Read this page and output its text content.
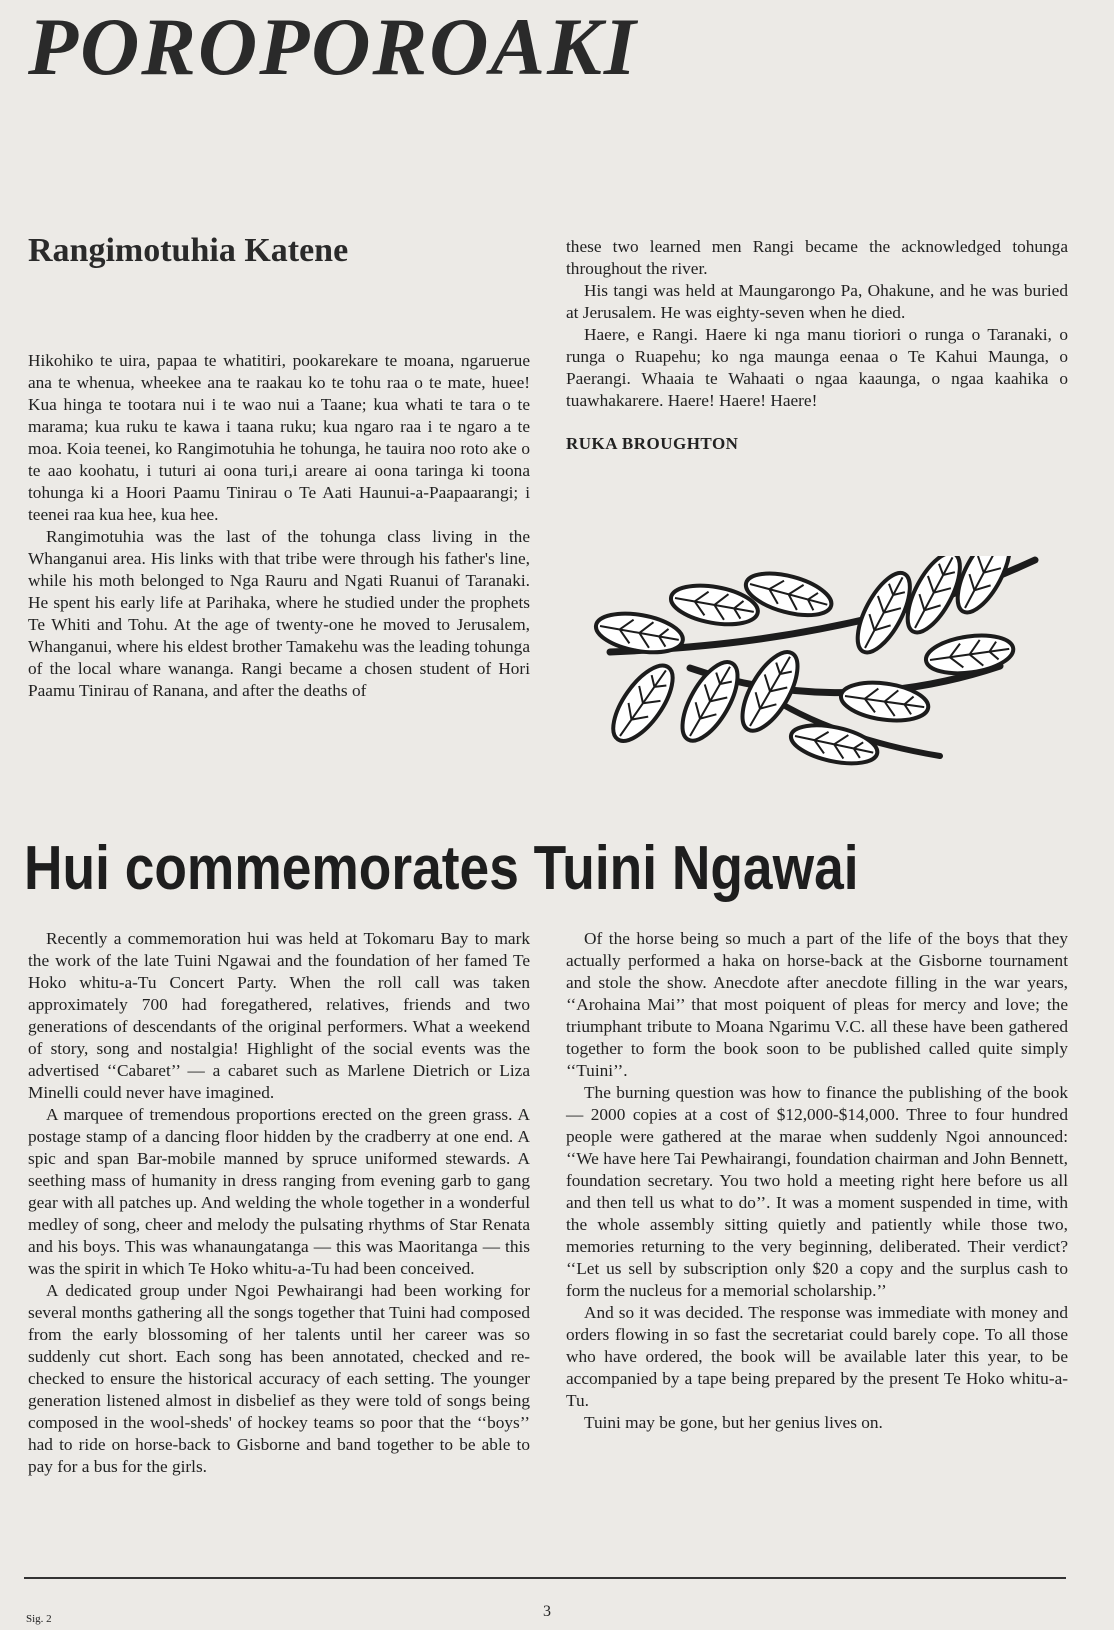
POROPOROAKI
Rangimotuhia Katene

Hikohiko te uira, papaa te whatitiri, pookarekare te moana, ngaruerue ana te whenua, wheekee ana te raakau ko te tohu raa o te mate, huee! Kua hinga te tootara nui i te wao nui a Taane; kua whati te tara o te marama; kua ruku te kawa i taana ruku; kua ngaro raa i te ngaro a te moa. Koia teenei, ko Rangimotuhia he tohunga, he tauira noo roto ake o te aao koohatu, i tuturi ai oona turi,i areare ai oona taringa ki toona tohunga ki a Hoori Paamu Tinirau o Te Aati Haunui-a-Paapaarangi; i teenei raa kua hee, kua hee.

Rangimotuhia was the last of the tohunga class living in the Whanganui area. His links with that tribe were through his father's line, while his moth belonged to Nga Rauru and Ngati Ruanui of Taranaki. He spent his early life at Parihaka, where he studied under the prophets Te Whiti and Tohu. At the age of twenty-one he moved to Jerusalem, Whanganui, where his eldest brother Tamakehu was the leading tohunga of the local whare wananga. Rangi became a chosen student of Hori Paamu Tinirau of Ranana, and after the deaths of

these two learned men Rangi became the acknowledged tohunga throughout the river.

His tangi was held at Maungarongo Pa, Ohakune, and he was buried at Jerusalem. He was eighty-seven when he died.

Haere, e Rangi. Haere ki nga manu tioriori o runga o Taranaki, o runga o Ruapehu; ko nga maunga eenaa o Te Kahui Maunga, o Paerangi. Whaaia te Wahaati o ngaa kaaunga, o ngaa kaahika o tuawhakarere. Haere! Haere! Haere!

RUKA BROUGHTON

Hui commemorates Tuini Ngawai

Recently a commemoration hui was held at Tokomaru Bay to mark the work of the late Tuini Ngawai and the foundation of her famed Te Hoko whitu-a-Tu Concert Party. When the roll call was taken approximately 700 had foregathered, relatives, friends and two generations of descendants of the original performers. What a weekend of story, song and nostalgia! Highlight of the social events was the advertised ‘‘Cabaret’’ — a cabaret such as Marlene Dietrich or Liza Minelli could never have imagined.

A marquee of tremendous proportions erected on the green grass. A postage stamp of a dancing floor hidden by the cradberry at one end. A spic and span Bar-mobile manned by spruce uniformed stewards. A seething mass of humanity in dress ranging from evening garb to gang gear with all patches up. And welding the whole together in a wonderful medley of song, cheer and melody the pulsating rhythms of Star Renata and his boys. This was whanaungatanga — this was Maoritanga — this was the spirit in which Te Hoko whitu-a-Tu had been conceived.

A dedicated group under Ngoi Pewhairangi had been working for several months gathering all the songs together that Tuini had composed from the early blossoming of her talents until her career was so suddenly cut short. Each song has been annotated, checked and re-checked to ensure the historical accuracy of each setting. The younger generation listened almost in disbelief as they were told of songs being composed in the wool-sheds' of hockey teams so poor that the ‘‘boys’’ had to ride on horse-back to Gisborne and band together to be able to pay for a bus for the girls.

Of the horse being so much a part of the life of the boys that they actually performed a haka on horse-back at the Gisborne tournament and stole the show. Anecdote after anecdote filling in the war years, ‘‘Arohaina Mai’’ that most poiquent of pleas for mercy and love; the triumphant tribute to Moana Ngarimu V.C. all these have been gathered together to form the book soon to be published called quite simply ‘‘Tuini’’.

The burning question was how to finance the publishing of the book — 2000 copies at a cost of $12,000-$14,000. Three to four hundred people were gathered at the marae when suddenly Ngoi announced: ‘‘We have here Tai Pewhairangi, foundation chairman and John Bennett, foundation secretary. You two hold a meeting right here before us all and then tell us what to do’’. It was a moment suspended in time, with the whole assembly sitting quietly and patiently while those two, memories returning to the very beginning, deliberated. Their verdict? ‘‘Let us sell by subscription only $20 a copy and the surplus cash to form the nucleus for a memorial scholarship.’’

And so it was decided. The response was immediate with money and orders flowing in so fast the secretariat could barely cope. To all those who have ordered, the book will be available later this year, to be accompanied by a tape being prepared by the present Te Hoko whitu-a-Tu.

Tuini may be gone, but her genius lives on.

Sig. 2	3
